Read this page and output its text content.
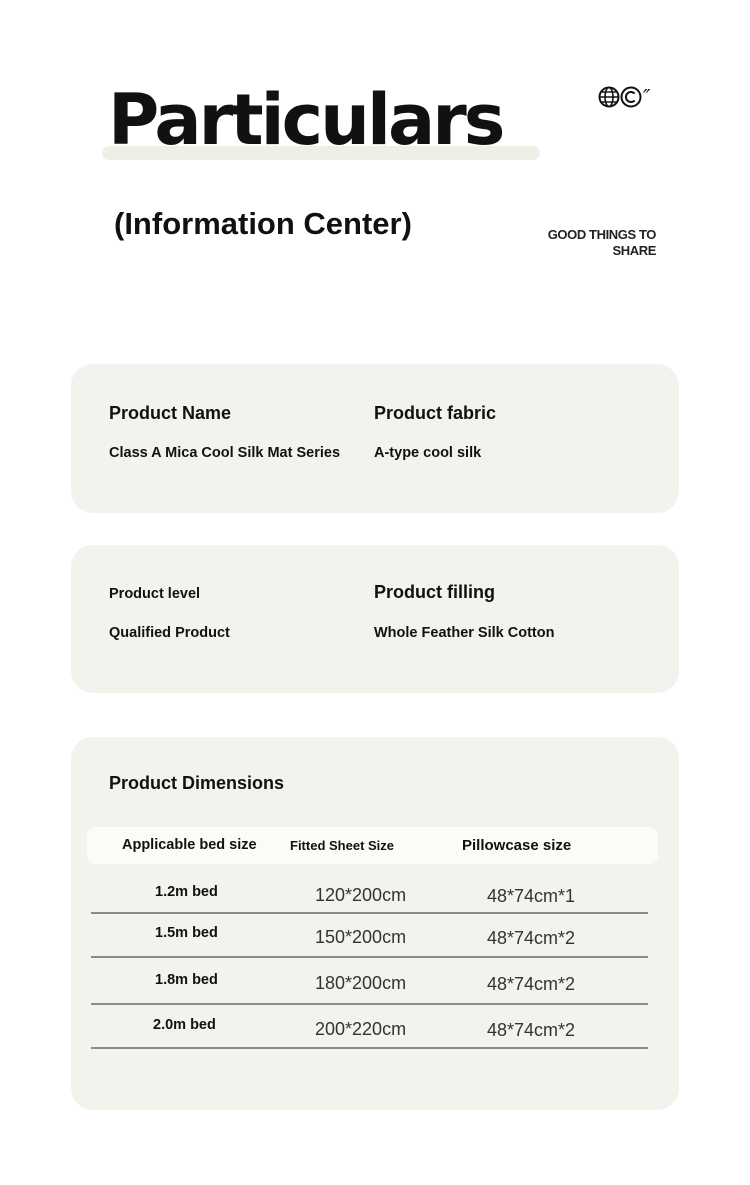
Particulars	″
(Information Center)	GOOD THINGS TO SHARE
Product Name
Class A Mica Cool Silk Mat Series
Product fabric
A-type cool silk
Product level
Qualified Product
Product filling
Whole Feather Silk Cotton
Product Dimensions
Applicable bed size	Fitted Sheet Size	Pillowcase size
1.2m bed	120*200cm	48*74cm*1
1.5m bed	150*200cm	48*74cm*2
1.8m bed	180*200cm	48*74cm*2
2.0m bed	200*220cm	48*74cm*2
